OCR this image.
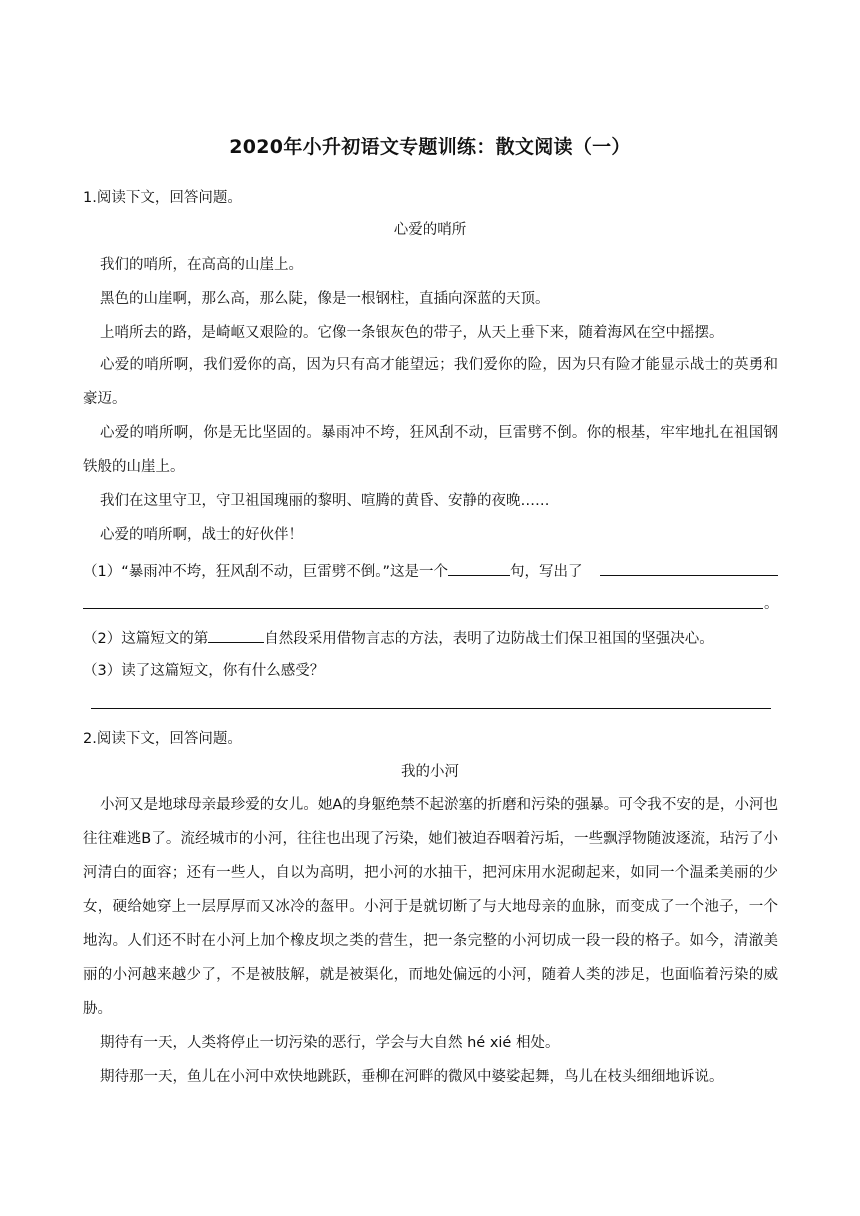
2020年小升初语文专题训练：散文阅读（一）
1.阅读下文，回答问题。
心爱的哨所
我们的哨所，在高高的山崖上。
黑色的山崖啊，那么高，那么陡，像是一根钢柱，直插向深蓝的天顶。
上哨所去的路，是崎岖又艰险的。它像一条银灰色的带子，从天上垂下来，随着海风在空中摇摆。
心爱的哨所啊，我们爱你的高，因为只有高才能望远；我们爱你的险，因为只有险才能显示战士的英勇和豪迈。
心爱的哨所啊，你是无比坚固的。暴雨冲不垮，狂风刮不动，巨雷劈不倒。你的根基，牢牢地扎在祖国钢铁般的山崖上。
我们在这里守卫，守卫祖国瑰丽的黎明、喧腾的黄昏、安静的夜晚……
心爱的哨所啊，战士的好伙伴！
（1）“暴雨冲不垮，狂风刮不动，巨雷劈不倒。”这是一个	句，写出了
。
（2）这篇短文的第	自然段采用借物言志的方法，表明了边防战士们保卫祖国的坚强决心。
（3）读了这篇短文，你有什么感受？
2.阅读下文，回答问题。
我的小河
小河又是地球母亲最珍爱的女儿。她A的身躯绝禁不起淤塞的折磨和污染的强暴。可令我不安的是，小河也往往难逃B了。流经城市的小河，往往也出现了污染，她们被迫吞咽着污垢，一些飘浮物随波逐流，玷污了小河清白的面容；还有一些人，自以为高明，把小河的水抽干，把河床用水泥砌起来，如同一个温柔美丽的少女，硬给她穿上一层厚厚而又冰冷的盔甲。小河于是就切断了与大地母亲的血脉，而变成了一个池子，一个地沟。人们还不时在小河上加个橡皮坝之类的营生，把一条完整的小河切成一段一段的格子。如今，清澈美丽的小河越来越少了，不是被肢解，就是被渠化，而地处偏远的小河，随着人类的涉足，也面临着污染的威胁。
期待有一天，人类将停止一切污染的恶行，学会与大自然 hé xié 相处。
期待那一天，鱼儿在小河中欢快地跳跃，垂柳在河畔的微风中婆娑起舞，鸟儿在枝头细细地诉说。
